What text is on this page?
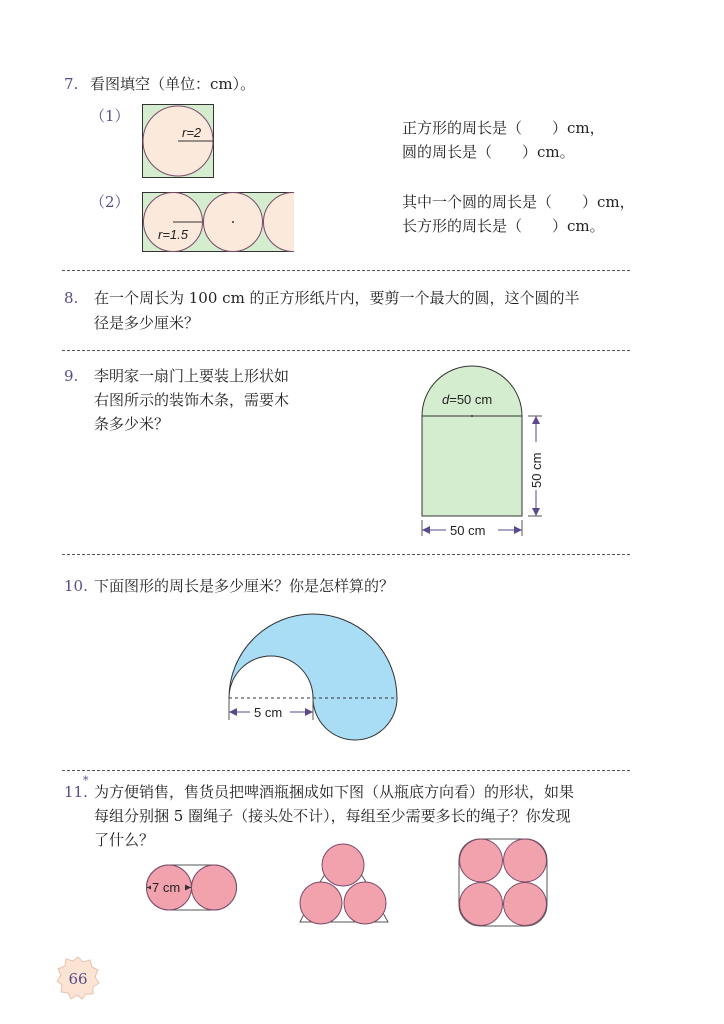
7. 看图填空（单位：cm）。
（1）
r=2	正方形的周长是（　　）cm，
圆的周长是（　　）cm。
（2）
r=1.5
其中一个圆的周长是（　　）cm，
长方形的周长是（　　）cm。
8. 在一个周长为 100 cm 的正方形纸片内，要剪一个最大的圆，这个圆的半
径是多少厘米？
9. 李明家一扇门上要装上形状如
右图所示的装饰木条，需要木
条多少米？
d=50 cm
50 cm
50 cm
10. 下面图形的周长是多少厘米？你是怎样算的？
5 cm
11.
*
为方便销售，售货员把啤酒瓶捆成如下图（从瓶底方向看）的形状，如果
每组分别捆 5 圈绳子（接头处不计），每组至少需要多长的绳子？你发现
了什么？
7 cm
66
